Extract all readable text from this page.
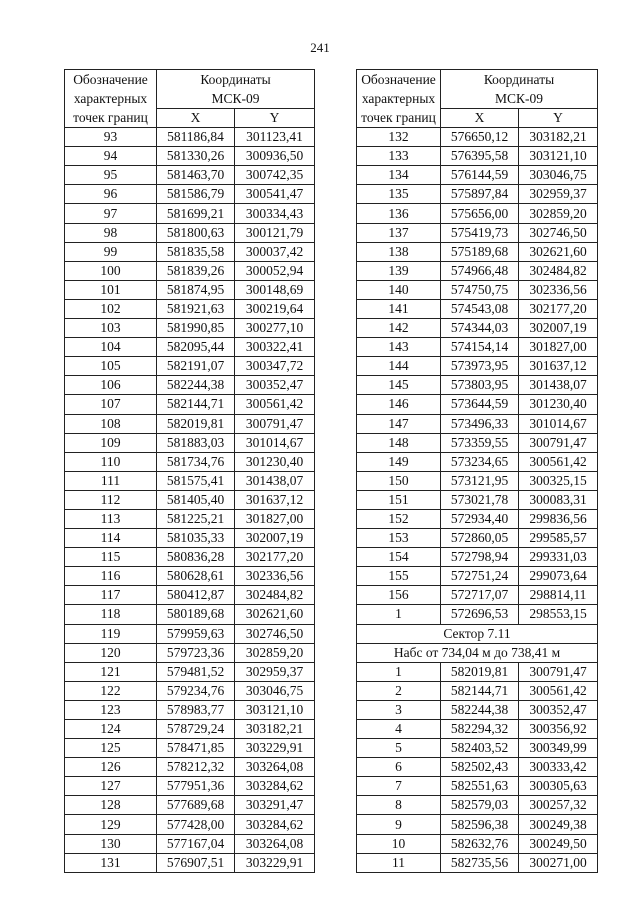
241
Обозначение
характерных
точек границ	Координаты
МСК-09	

	X	Y
93	581186,84	301123,41
94	581330,26	300936,50
95	581463,70	300742,35
96	581586,79	300541,47
97	581699,21	300334,43
98	581800,63	300121,79
99	581835,58	300037,42
100	581839,26	300052,94
101	581874,95	300148,69
102	581921,63	300219,64
103	581990,85	300277,10
104	582095,44	300322,41
105	582191,07	300347,72
106	582244,38	300352,47
107	582144,71	300561,42
108	582019,81	300791,47
109	581883,03	301014,67
110	581734,76	301230,40
111	581575,41	301438,07
112	581405,40	301637,12
113	581225,21	301827,00
114	581035,33	302007,19
115	580836,28	302177,20
116	580628,61	302336,56
117	580412,87	302484,82
118	580189,68	302621,60
119	579959,63	302746,50
120	579723,36	302859,20
121	579481,52	302959,37
122	579234,76	303046,75
123	578983,77	303121,10
124	578729,24	303182,21
125	578471,85	303229,91
126	578212,32	303264,08
127	577951,36	303284,62
128	577689,68	303291,47
129	577428,00	303284,62
130	577167,04	303264,08
131	576907,51	303229,91
Обозначение
характерных
точек границ	Координаты
МСК-09	

	X	Y
132	576650,12	303182,21
133	576395,58	303121,10
134	576144,59	303046,75
135	575897,84	302959,37
136	575656,00	302859,20
137	575419,73	302746,50
138	575189,68	302621,60
139	574966,48	302484,82
140	574750,75	302336,56
141	574543,08	302177,20
142	574344,03	302007,19
143	574154,14	301827,00
144	573973,95	301637,12
145	573803,95	301438,07
146	573644,59	301230,40
147	573496,33	301014,67
148	573359,55	300791,47
149	573234,65	300561,42
150	573121,95	300325,15
151	573021,78	300083,31
152	572934,40	299836,56
153	572860,05	299585,57
154	572798,94	299331,03
155	572751,24	299073,64
156	572717,07	298814,11
1	572696,53	298553,15
Сектор 7.11		
Набс от 734,04 м до 738,41 м		
1	582019,81	300791,47
2	582144,71	300561,42
3	582244,38	300352,47
4	582294,32	300356,92
5	582403,52	300349,99
6	582502,43	300333,42
7	582551,63	300305,63
8	582579,03	300257,32
9	582596,38	300249,38
10	582632,76	300249,50
11	582735,56	300271,00
